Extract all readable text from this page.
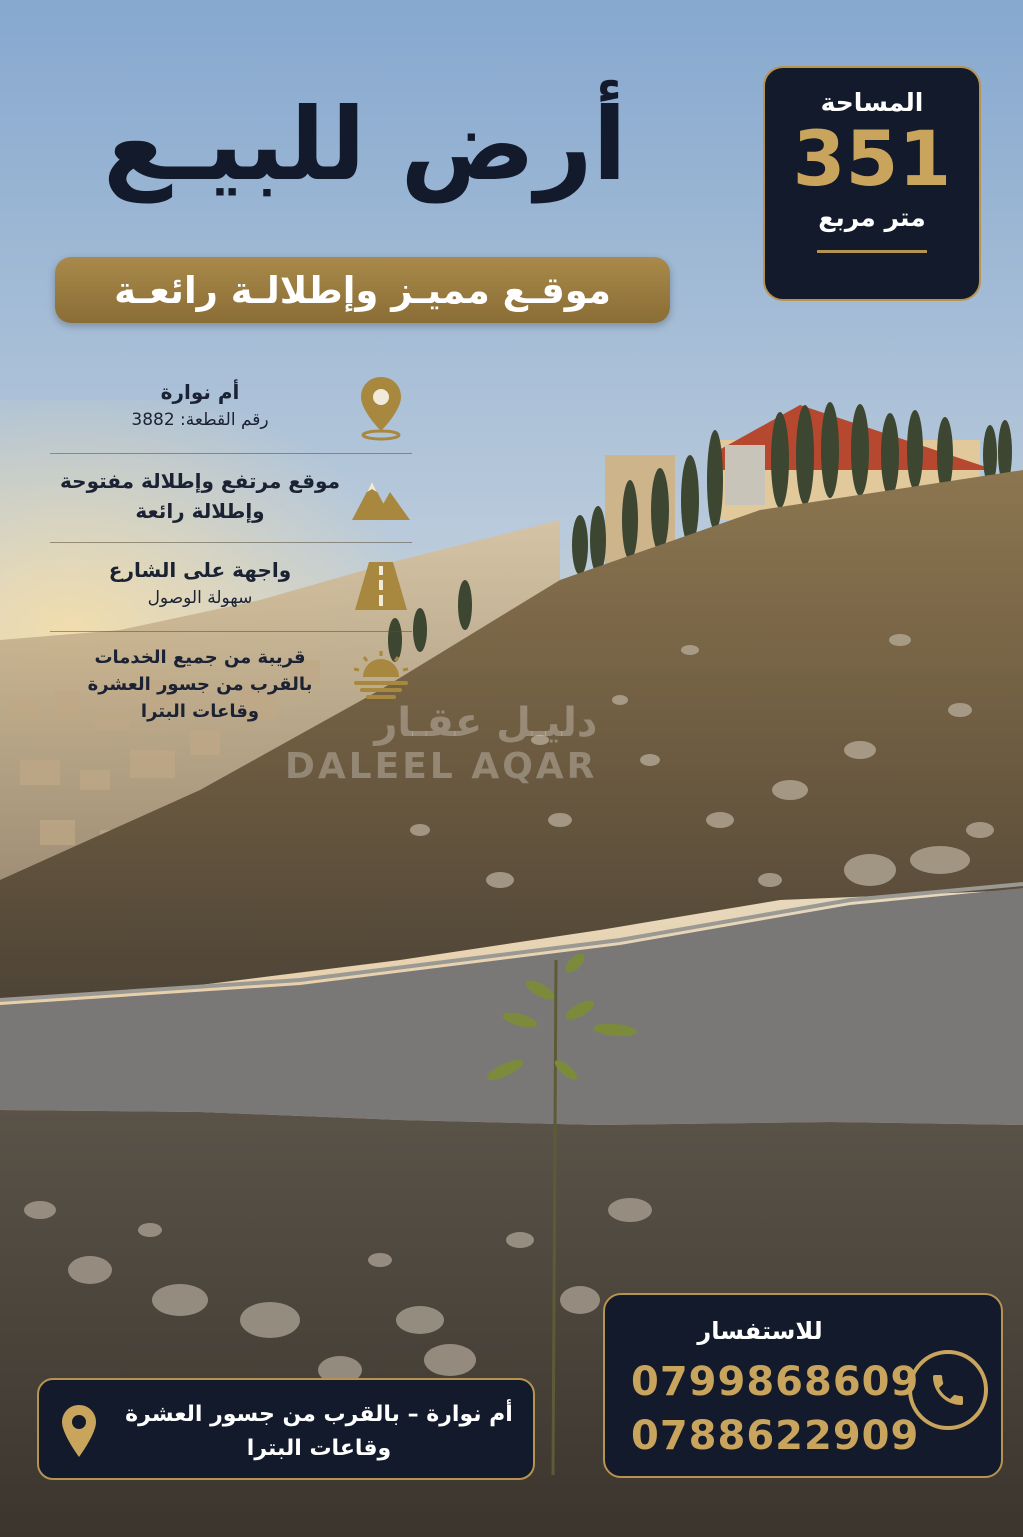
أرض للبيـع
موقـع مميـز وإطلالـة رائعـة
المساحة
351
متر مربع
أم نوارة
رقم القطعة: 3882
موقع مرتفع وإطلالة مفتوحة
وإطلالة رائعة
واجهة على الشارع
سهولة الوصول
قريبة من جميع الخدمات
بالقرب من جسور العشرة
وقاعات البترا	دليـل عقـار
DALEEL AQAR
للاستفسار
0799868609
0788622909
أم نوارة – بالقرب من جسور العشرة
وقاعات البترا
